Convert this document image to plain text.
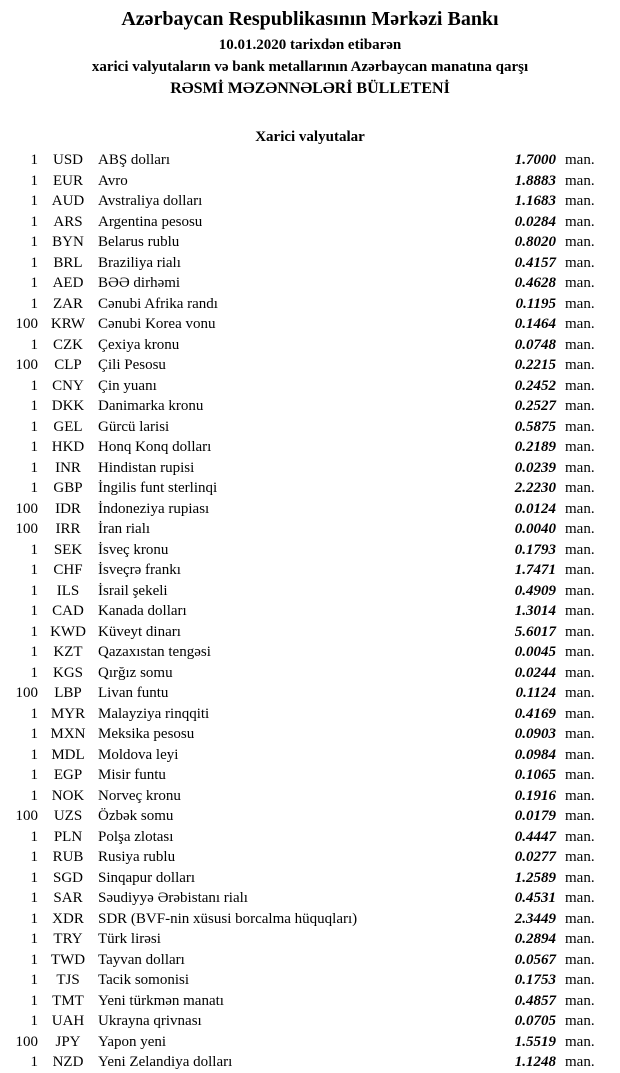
Azərbaycan Respublikasının Mərkəzi Bankı
10.01.2020 tarixdən etibarən
xarici valyutaların və bank metallarının Azərbaycan manatına qarşı
RƏSMİ MƏZƏNNƏLƏRİ BÜLLETENİ
Xarici valyutalar
1 USD	ABŞ dolları	1.7000 man.
1	EUR	Avro	1.8883 man.
1 AUD Avstraliya dolları	1.1683 man.
1	ARS	Argentina pesosu	0.0284 man.
1 BYN Belarus rublu	0.8020 man.
1	BRL	Braziliya rialı	0.4157 man.
1 AED BƏƏ dirhəmi	0.4628 man.
1	ZAR	Cənubi Afrika randı	0.1195 man.
100 KRW Cənubi Korea vonu	0.1464 man.
1	CZK	Çexiya kronu	0.0748 man.
100	CLP	Çili Pesosu	0.2215 man.
1 CNY Çin yuanı	0.2452 man.
1 DKK Danimarka kronu	0.2527 man.
1	GEL	Gürcü larisi	0.5875 man.
1 HKD Honq Konq dolları	0.2189 man.
1	INR	Hindistan rupisi	0.0239 man.
1	GBP	İngilis funt sterlinqi	2.2230 man.
100	IDR	İndoneziya rupiası	0.0124 man.
100	IRR	İran rialı	0.0040 man.
1	SEK	İsveç kronu	0.1793 man.
1	CHF	İsveçrə frankı	1.7471 man.
1	ILS	İsrail şekeli	0.4909 man.
1 CAD Kanada dolları	1.3014 man.
1 KWD Küveyt dinarı	5.6017 man.
1	KZT	Qazaxıstan tengəsi	0.0045 man.
1 KGS	Qırğız somu	0.0244 man.
100	LBP	Livan funtu	0.1124 man.
1 MYR Malayziya rinqqiti	0.4169 man.
1 MXN Meksika pesosu	0.0903 man.
1 MDL Moldova leyi	0.0984 man.
1	EGP	Misir funtu	0.1065 man.
1 NOK Norveç kronu	0.1916 man.
100	UZS	Özbək somu	0.0179 man.
1	PLN	Polşa zlotası	0.4447 man.
1 RUB Rusiya rublu	0.0277 man.
1 SGD	Sinqapur dolları	1.2589 man.
1	SAR	Səudiyyə Ərəbistanı rialı	0.4531 man.
1 XDR SDR (BVF-nin xüsusi borcalma hüquqları)	2.3449 man.
1	TRY	Türk lirəsi	0.2894 man.
1 TWD Tayvan dolları	0.0567 man.
1	TJS	Tacik somonisi	0.1753 man.
1 TMT Yeni türkmən manatı	0.4857 man.
1 UAH Ukrayna qrivnası	0.0705 man.
100	JPY	Yapon yeni	1.5519 man.
1 NZD Yeni Zelandiya dolları	1.1248 man.
